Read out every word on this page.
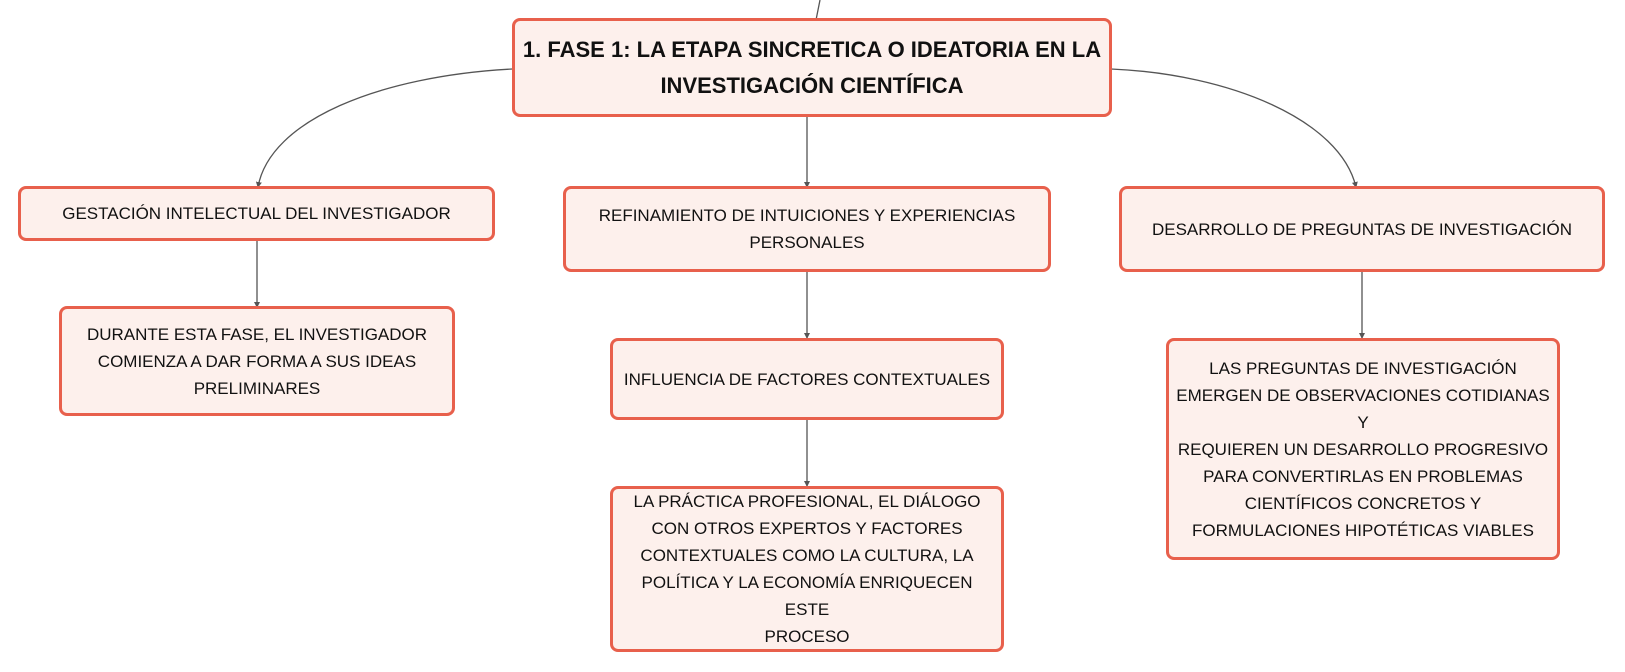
1. FASE 1: LA ETAPA SINCRETICA O IDEATORIA EN LA
INVESTIGACIÓN CIENTÍFICA
GESTACIÓN INTELECTUAL DEL INVESTIGADOR	REFINAMIENTO DE INTUICIONES Y EXPERIENCIAS
PERSONALES
DESARROLLO DE PREGUNTAS DE INVESTIGACIÓN
DURANTE ESTA FASE, EL INVESTIGADOR
COMIENZA A DAR FORMA A SUS IDEAS
PRELIMINARES	INFLUENCIA DE FACTORES CONTEXTUALES
LA PRÁCTICA PROFESIONAL, EL DIÁLOGO
CON OTROS EXPERTOS Y FACTORES
CONTEXTUALES COMO LA CULTURA, LA
POLÍTICA Y LA ECONOMÍA ENRIQUECEN ESTE
PROCESO
LAS PREGUNTAS DE INVESTIGACIÓN
EMERGEN DE OBSERVACIONES COTIDIANAS Y
REQUIEREN UN DESARROLLO PROGRESIVO
PARA CONVERTIRLAS EN PROBLEMAS
CIENTÍFICOS CONCRETOS Y
FORMULACIONES HIPOTÉTICAS VIABLES
